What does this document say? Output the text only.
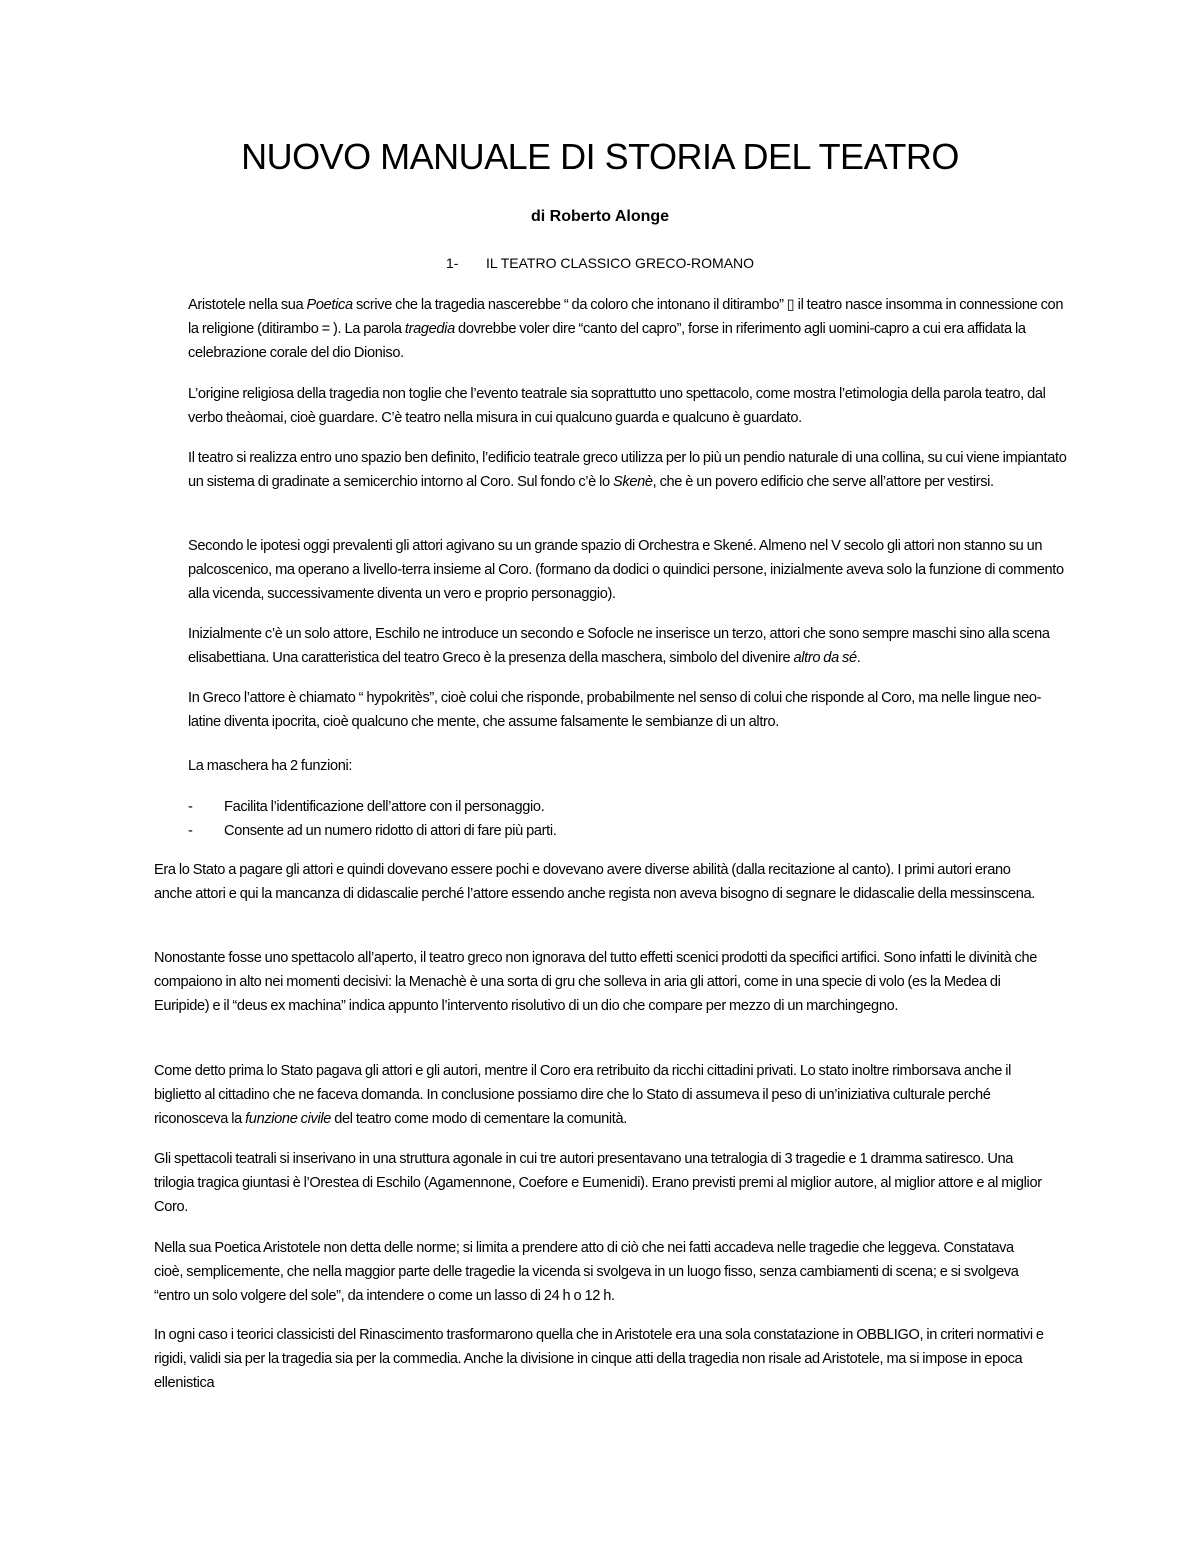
NUOVO MANUALE DI STORIA DEL TEATRO

di Roberto Alonge

1- IL TEATRO CLASSICO GRECO-ROMANO

Aristotele nella sua Poetica scrive che la tragedia nascerebbe “ da coloro che intonano il ditirambo” ▯ il teatro nasce insomma in connessione con la religione (ditirambo = ). La parola tragedia dovrebbe voler dire “canto del capro”, forse in riferimento agli uomini-capro a cui era affidata la celebrazione corale del dio Dioniso.

L’origine religiosa della tragedia non toglie che l’evento teatrale sia soprattutto uno spettacolo, come mostra l’etimologia della parola teatro, dal verbo theàomai, cioè guardare. C’è teatro nella misura in cui qualcuno guarda e qualcuno è guardato.

Il teatro si realizza entro uno spazio ben definito, l’edificio teatrale greco utilizza per lo più un pendio naturale di una collina, su cui viene impiantato un sistema di gradinate a semicerchio intorno al Coro. Sul fondo c’è lo Skenè, che è un povero edificio che serve all’attore per vestirsi.

Secondo le ipotesi oggi prevalenti gli attori agivano su un grande spazio di Orchestra e Skené. Almeno nel V secolo gli attori non stanno su un palcoscenico, ma operano a livello-terra insieme al Coro. (formano da dodici o quindici persone, inizialmente aveva solo la funzione di commento alla vicenda, successivamente diventa un vero e proprio personaggio).

Inizialmente c’è un solo attore, Eschilo ne introduce un secondo e Sofocle ne inserisce un terzo, attori che sono sempre maschi sino alla scena elisabettiana. Una caratteristica del teatro Greco è la presenza della maschera, simbolo del divenire altro da sé.

In Greco l’attore è chiamato “ hypokritès”, cioè colui che risponde, probabilmente nel senso di colui che risponde al Coro, ma nelle lingue neo-latine diventa ipocrita, cioè qualcuno che mente, che assume falsamente le sembianze di un altro.

La maschera ha 2 funzioni:

- Facilita l’identificazione dell’attore con il personaggio.
- Consente ad un numero ridotto di attori di fare più parti.

Era lo Stato a pagare gli attori e quindi dovevano essere pochi e dovevano avere diverse abilità (dalla recitazione al canto). I primi autori erano anche attori e qui la mancanza di didascalie perché l’attore essendo anche regista non aveva bisogno di segnare le didascalie della messinscena.

Nonostante fosse uno spettacolo all’aperto, il teatro greco non ignorava del tutto effetti scenici prodotti da specifici artifici. Sono infatti le divinità che compaiono in alto nei momenti decisivi: la Menachè è una sorta di gru che solleva in aria gli attori, come in una specie di volo (es la Medea di Euripide) e il “deus ex machina” indica appunto l’intervento risolutivo di un dio che compare per mezzo di un marchingegno.

Come detto prima lo Stato pagava gli attori e gli autori, mentre il Coro era retribuito da ricchi cittadini privati. Lo stato inoltre rimborsava anche il biglietto al cittadino che ne faceva domanda. In conclusione possiamo dire che lo Stato di assumeva il peso di un’iniziativa culturale perché riconosceva la funzione civile del teatro come modo di cementare la comunità.

Gli spettacoli teatrali si inserivano in una struttura agonale in cui tre autori presentavano una tetralogia di 3 tragedie e 1 dramma satiresco. Una trilogia tragica giuntasi è l’Orestea di Eschilo (Agamennone, Coefore e Eumenidi). Erano previsti premi al miglior autore, al miglior attore e al miglior Coro.

Nella sua Poetica Aristotele non detta delle norme; si limita a prendere atto di ciò che nei fatti accadeva nelle tragedie che leggeva. Constatava cioè, semplicemente, che nella maggior parte delle tragedie la vicenda si svolgeva in un luogo fisso, senza cambiamenti di scena; e si svolgeva “entro un solo volgere del sole”, da intendere o come un lasso di 24 h o 12 h.

In ogni caso i teorici classicisti del Rinascimento trasformarono quella che in Aristotele era una sola constatazione in OBBLIGO, in criteri normativi e rigidi, validi sia per la tragedia sia per la commedia. Anche la divisione in cinque atti della tragedia non risale ad Aristotele, ma si impose in epoca ellenistica
